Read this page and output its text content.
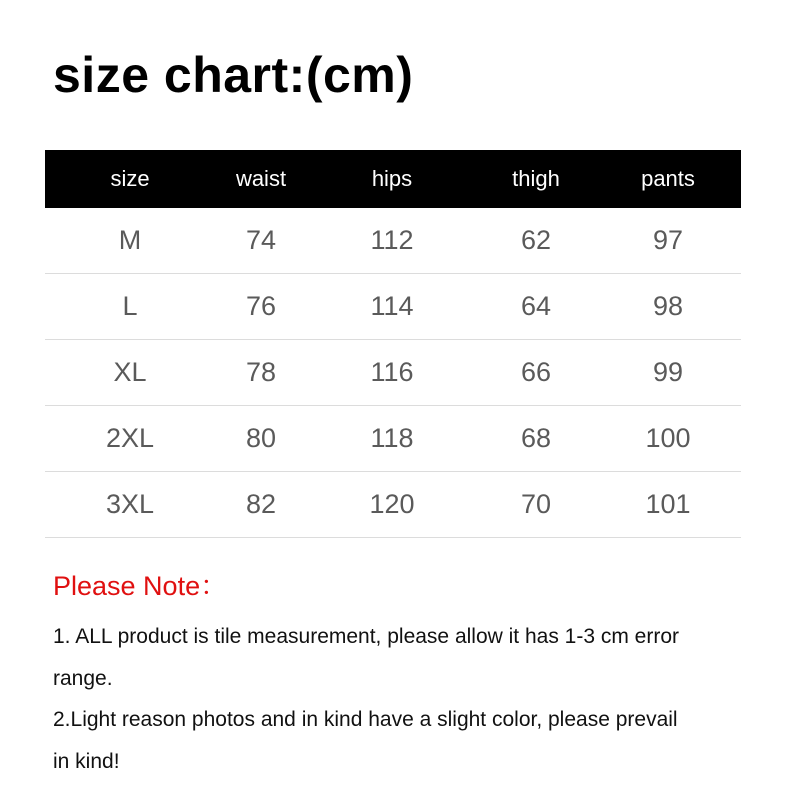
size chart:(cm)
size	waist	hips	thigh	pants
M	74	112	62	97
L	76	114	64	98
XL	78	116	66	99
2XL	80	118	68	100
3XL	82	120	70	101
Please Note：
1. ALL product is tile measurement, please allow it has 1-3 cm error
range.
2.Light reason photos and in kind have a slight color, please prevail
in kind!
